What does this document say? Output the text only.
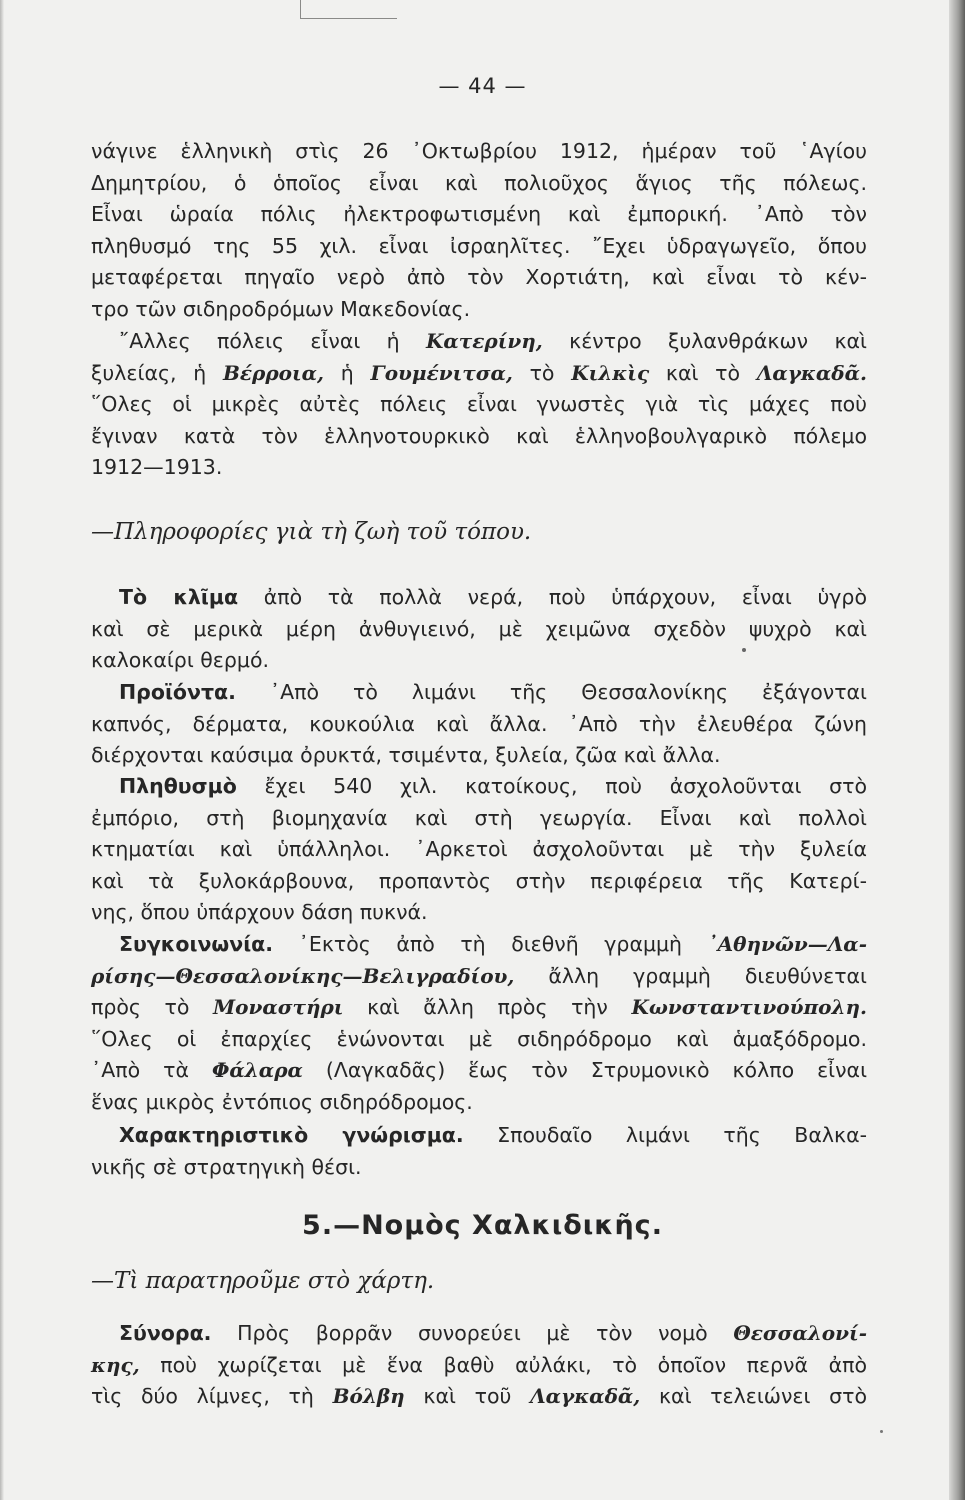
— 44 —
νάγινε ἑλληνικὴ στὶς 26 ᾿Οκτωβρίου 1912, ἡμέραν τοῦ ῾Αγίου
Δημητρίου, ὁ ὁποῖος εἶναι καὶ πολιοῦχος ἅγιος τῆς πόλεως.
Εἶναι ὡραία πόλις ἠλεκτροφωτισμένη καὶ ἐμπορική. ᾿Απὸ τὸν
πληθυσμό της 55 χιλ. εἶναι ἰσραηλῖτες. ῎Εχει ὑδραγωγεῖο, ὅπου
μεταφέρεται πηγαῖο νερὸ ἀπὸ τὸν Χορτιάτη, καὶ εἶναι τὸ κέν-
τρο τῶν σιδηροδρόμων Μακεδονίας.
῎Αλλες πόλεις εἶναι ἡ Κατερίνη, κέντρο ξυλανθράκων καὶ
ξυλείας, ἡ Βέρροια, ἡ Γουμένιτσα, τὸ Κιλκὶς καὶ τὸ Λαγκαδᾶ.
῞Ολες οἱ μικρὲς αὐτὲς πόλεις εἶναι γνωστὲς γιὰ τὶς μάχες ποὺ
ἔγιναν κατὰ τὸν ἑλληνοτουρκικὸ καὶ ἑλληνοβουλγαρικὸ πόλεμο
1912—1913.
—Πληροφορίες γιὰ τὴ ζωὴ τοῦ τόπου.
Τὸ κλῖμα ἀπὸ τὰ πολλὰ νερά, ποὺ ὑπάρχουν, εἶναι ὑγρὸ
καὶ σὲ μερικὰ μέρη ἀνθυγιεινό, μὲ χειμῶνα σχεδὸν ψυχρὸ καὶ
καλοκαίρι θερμό.
Προϊόντα. ᾿Απὸ τὸ λιμάνι τῆς Θεσσαλονίκης ἐξάγονται
καπνός, δέρματα, κουκούλια καὶ ἄλλα. ᾿Απὸ τὴν ἐλευθέρα ζώνη
διέρχονται καύσιμα ὀρυκτά, τσιμέντα, ξυλεία, ζῶα καὶ ἄλλα.
Πληθυσμὸ ἔχει 540 χιλ. κατοίκους, ποὺ ἀσχολοῦνται στὸ
ἐμπόριο, στὴ βιομηχανία καὶ στὴ γεωργία. Εἶναι καὶ πολλοὶ
κτηματίαι καὶ ὑπάλληλοι. ᾿Αρκετοὶ ἀσχολοῦνται μὲ τὴν ξυλεία
καὶ τὰ ξυλοκάρβουνα, προπαντὸς στὴν περιφέρεια τῆς Κατερί-
νης, ὅπου ὑπάρχουν δάση πυκνά.
Συγκοινωνία. ᾿Εκτὸς ἀπὸ τὴ διεθνῆ γραμμὴ ᾿Αθηνῶν—Λα-
ρίσης—Θεσσαλονίκης—Βελιγραδίου, ἄλλη γραμμὴ διευθύνεται
πρὸς τὸ Μοναστήρι καὶ ἄλλη πρὸς τὴν Κωνσταντινούπολη.
῞Ολες οἱ ἐπαρχίες ἑνώνονται μὲ σιδηρόδρομο καὶ ἁμαξόδρομο.
᾿Απὸ τὰ Φάλαρα (Λαγκαδᾶς) ἕως τὸν Στρυμονικὸ κόλπο εἶναι
ἕνας μικρὸς ἐντόπιος σιδηρόδρομος.
Χαρακτηριστικὸ γνώρισμα. Σπουδαῖο λιμάνι τῆς Βαλκα-
νικῆς σὲ στρατηγικὴ θέσι.
5.—Νομὸς Χαλκιδικῆς.
—Τὶ παρατηροῦμε στὸ χάρτη.
Σύνορα. Πρὸς βορρᾶν συνορεύει μὲ τὸν νομὸ Θεσσαλονί-
κης, ποὺ χωρίζεται μὲ ἕνα βαθὺ αὐλάκι, τὸ ὁποῖον περνᾶ ἀπὸ
τὶς δύο λίμνες, τὴ Βόλβη καὶ τοῦ Λαγκαδᾶ, καὶ τελειώνει στὸ
